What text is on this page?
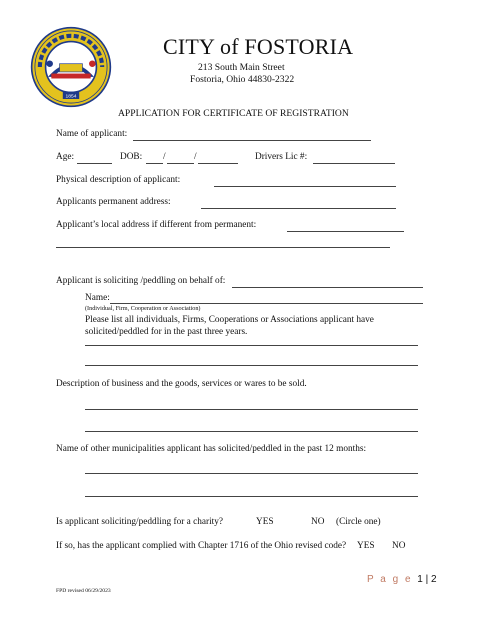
1854
CITY of FOSTORIA
213 South Main Street
Fostoria, Ohio 44830-2322
APPLICATION FOR CERTIFICATE OF REGISTRATION
Name of applicant:
Age:	DOB: /	/	Drivers Lic #:
Physical description of applicant:
Applicants permanent address:
Applicant’s local address if different from permanent:
Applicant is soliciting /peddling on behalf of:
Name:
(Individual, Firm, Cooperation or Association)
Please list all individuals, Firms, Cooperations or Associations applicant have
solicited/peddled for in the past three years.
Description of business and the goods, services or wares to be sold.
Name of other municipalities applicant has solicited/peddled in the past 12 months:
Is applicant soliciting/peddling for a charity?	YES	NO (Circle one)
If so, has the applicant complied with Chapter 1716 of the Ohio revised code? YES NO
P a g e 1 | 2
FPD revised 06/29/2023
